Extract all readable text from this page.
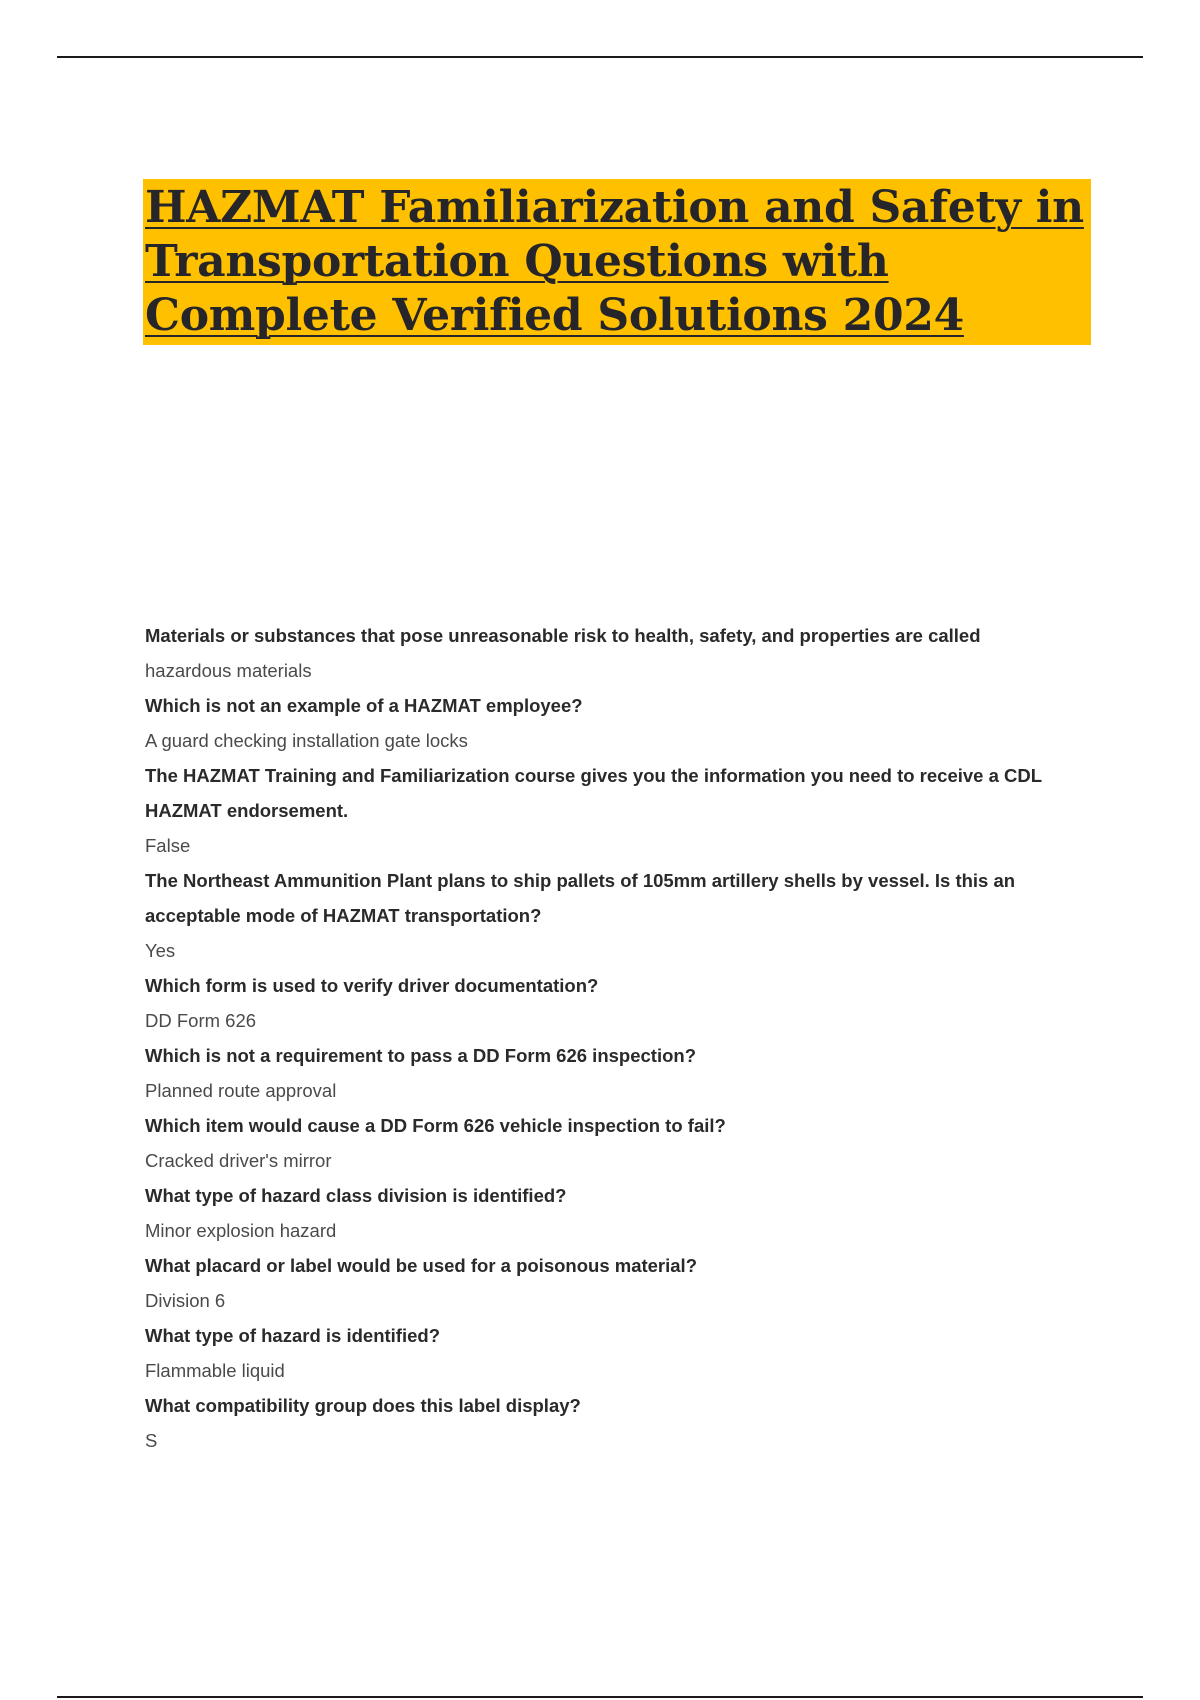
HAZMAT Familiarization and Safety in Transportation Questions with Complete Verified Solutions 2024

Materials or substances that pose unreasonable risk to health, safety, and properties are called

hazardous materials

Which is not an example of a HAZMAT employee?

A guard checking installation gate locks

The HAZMAT Training and Familiarization course gives you the information you need to receive a CDL HAZMAT endorsement.

False

The Northeast Ammunition Plant plans to ship pallets of 105mm artillery shells by vessel. Is this an acceptable mode of HAZMAT transportation?

Yes

Which form is used to verify driver documentation?

DD Form 626

Which is not a requirement to pass a DD Form 626 inspection?

Planned route approval

Which item would cause a DD Form 626 vehicle inspection to fail?

Cracked driver's mirror

What type of hazard class division is identified?

Minor explosion hazard

What placard or label would be used for a poisonous material?

Division 6

What type of hazard is identified?

Flammable liquid

What compatibility group does this label display?

S
